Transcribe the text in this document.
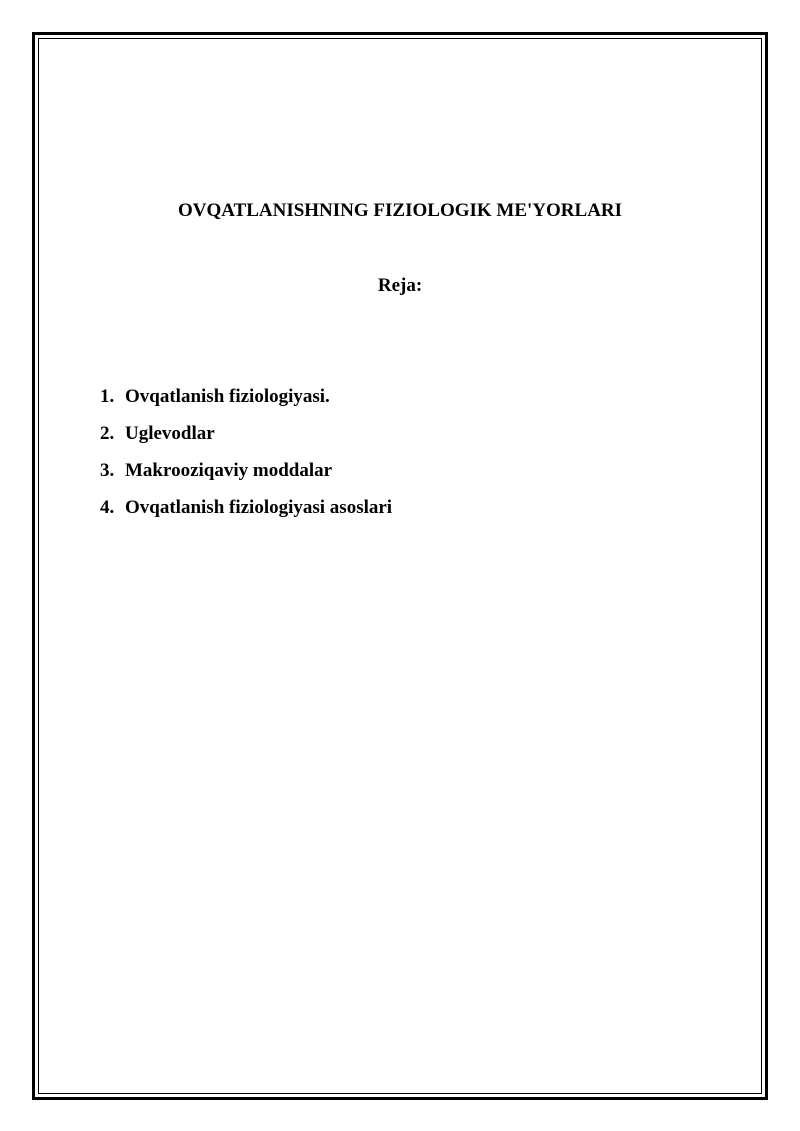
OVQATLANISHNING FIZIOLOGIK ME'YORLARI
Reja:
1. Ovqatlanish fiziologiyasi.
2. Uglevodlar
3. Makrooziqaviy moddalar
4. Ovqatlanish fiziologiyasi asoslari
